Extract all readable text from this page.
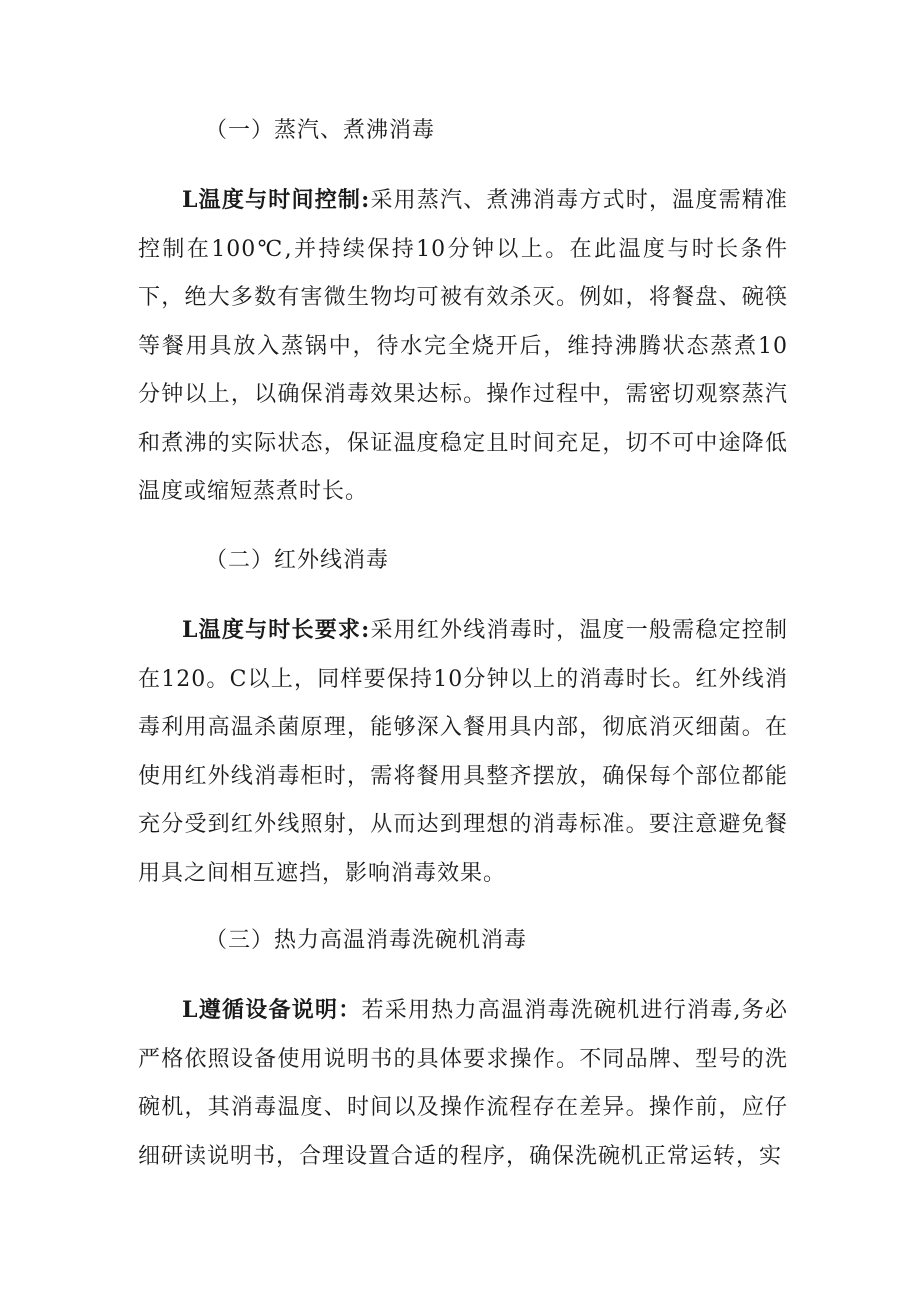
（一）蒸汽、煮沸消毒

L温度与时间控制:采用蒸汽、煮沸消毒方式时，温度需精准控制在100℃,并持续保持10分钟以上。在此温度与时长条件下，绝大多数有害微生物均可被有效杀灭。例如，将餐盘、碗筷等餐用具放入蒸锅中，待水完全烧开后，维持沸腾状态蒸煮10分钟以上，以确保消毒效果达标。操作过程中，需密切观察蒸汽和煮沸的实际状态，保证温度稳定且时间充足，切不可中途降低温度或缩短蒸煮时长。

（二）红外线消毒

L温度与时长要求:采用红外线消毒时，温度一般需稳定控制在120。C以上，同样要保持10分钟以上的消毒时长。红外线消毒利用高温杀菌原理，能够深入餐用具内部，彻底消灭细菌。在使用红外线消毒柜时，需将餐用具整齐摆放，确保每个部位都能充分受到红外线照射，从而达到理想的消毒标准。要注意避免餐用具之间相互遮挡，影响消毒效果。

（三）热力高温消毒洗碗机消毒

L遵循设备说明：若采用热力高温消毒洗碗机进行消毒,务必严格依照设备使用说明书的具体要求操作。不同品牌、型号的洗碗机，其消毒温度、时间以及操作流程存在差异。操作前，应仔细研读说明书，合理设置合适的程序，确保洗碗机正常运转，实
